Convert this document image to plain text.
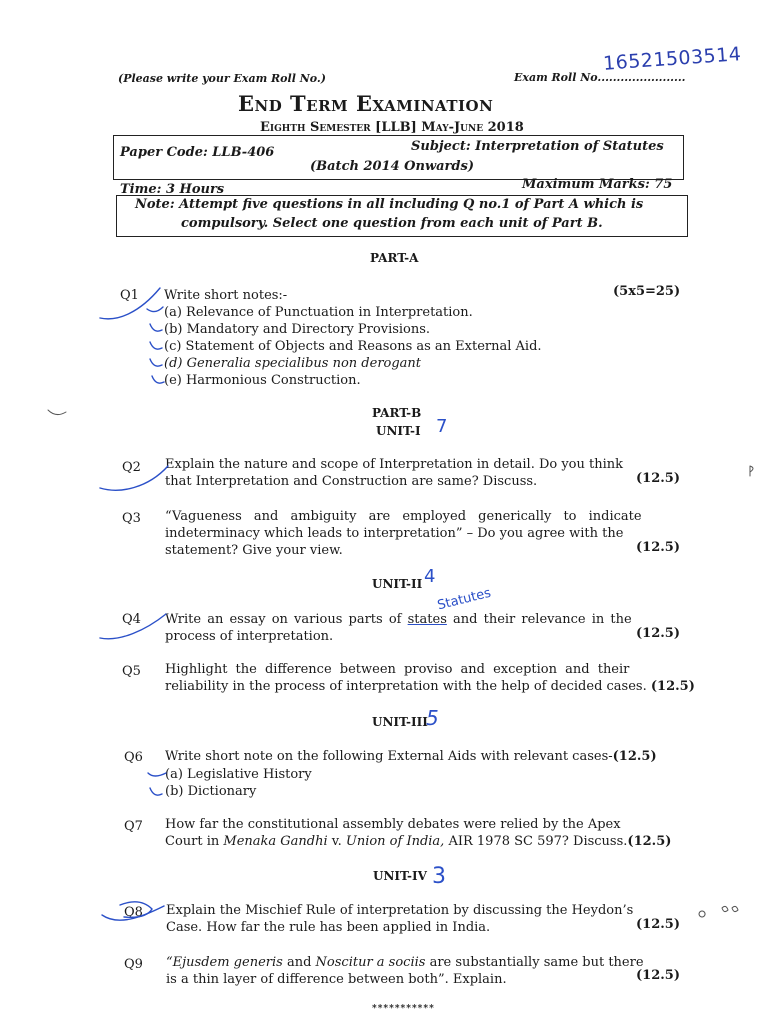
(Please write your Exam Roll No.)	Exam Roll No.......................
16521503514
End Term Examination
Eighth Semester [LLB] May-June 2018
Paper Code: LLB-406	Subject: Interpretation of Statutes
(Batch 2014 Onwards)
Time: 3 Hours	Maximum Marks: 75
Note: Attempt five questions in all including Q no.1 of Part A which is
compulsory. Select one question from each unit of Part B.
PART-A
Q1 Write short notes:-	(5x5=25)
(a) Relevance of Punctuation in Interpretation.
(b) Mandatory and Directory Provisions.
(c) Statement of Objects and Reasons as an External Aid.
(d) Generalia specialibus non derogant
(e) Harmonious Construction.
PART-B
UNIT-I 7
Q2 Explain the nature and scope of Interpretation in detail. Do you think
that Interpretation and Construction are same? Discuss.	(12.5)
Q3 “Vagueness and ambiguity are employed generically to indicate
indeterminacy which leads to interpretation” – Do you agree with the
statement? Give your view.	(12.5)
UNIT-II 4
Statutes
Q4 Write an essay on various parts of states and their relevance in the
process of interpretation.	(12.5)
Q5 Highlight the difference between proviso and exception and their
reliability in the process of interpretation with the help of decided cases. (12.5)
UNIT-III
5
Q6 Write short note on the following External Aids with relevant cases-(12.5)
(a) Legislative History
(b) Dictionary
Q7 How far the constitutional assembly debates were relied by the Apex
Court in Menaka Gandhi v. Union of India, AIR 1978 SC 597? Discuss.(12.5)
UNIT-IV 3
Q8 Explain the Mischief Rule of interpretation by discussing the Heydon’s
Case. How far the rule has been applied in India.	(12.5)
Q9 “Ejusdem generis and Noscitur a sociis are substantially same but there
is a thin layer of difference between both”. Explain.	(12.5)
***********
